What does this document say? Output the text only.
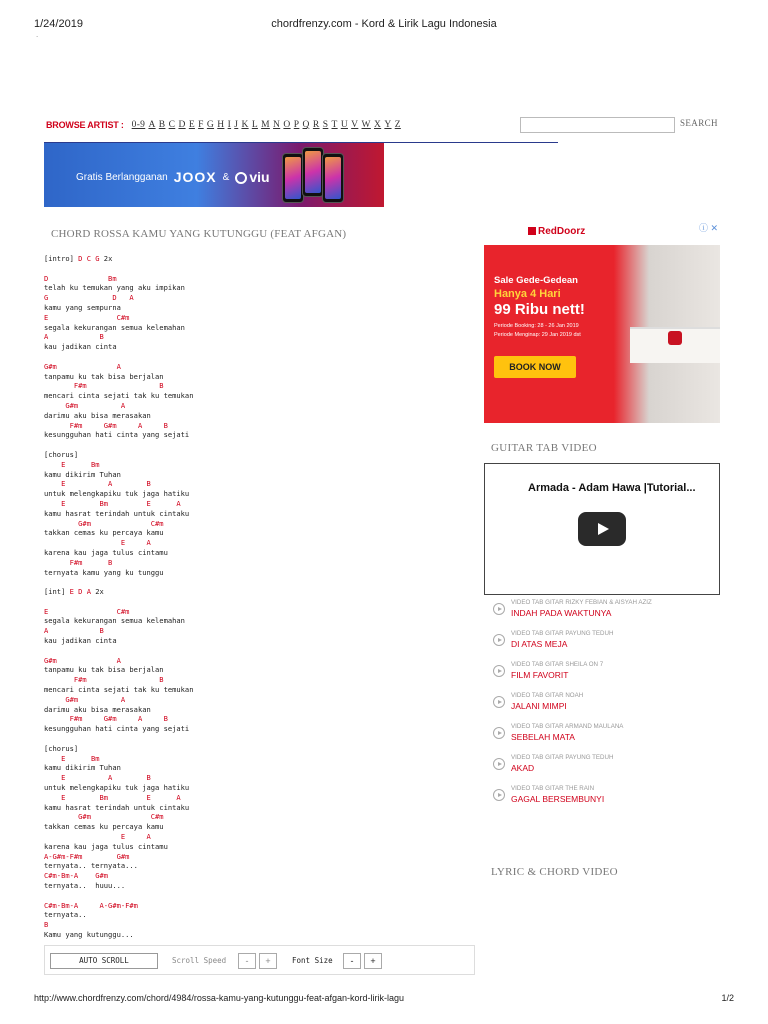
1/24/2019	chordfrenzy.com - Kord & Lirik Lagu Indonesia
.
BROWSE ARTIST : 0-9 A B C D E F G H I J K L M N O P Q R S T U V W X Y Z	SEARCH
Gratis Berlangganan JOOX &	viu
CHORD ROSSA KAMU YANG KUTUNGGU (FEAT AFGAN)
[intro] D C G 2x

D              Bm
telah ku temukan yang aku impikan
G               D   A
kamu yang sempurna
E                C#m
segala kekurangan semua kelemahan
A            B
kau jadikan cinta

G#m              A
tanpamu ku tak bisa berjalan
F#m                 B
mencari cinta sejati tak ku temukan
G#m          A
darimu aku bisa merasakan
F#m     G#m     A     B
kesungguhan hati cinta yang sejati

[chorus]
E      Bm
kamu dikirim Tuhan
E          A        B
untuk melengkapiku tuk jaga hatiku
E        Bm         E      A
kamu hasrat terindah untuk cintaku
G#m              C#m
takkan cemas ku percaya kamu
E     A
karena kau jaga tulus cintamu
F#m      B
ternyata kamu yang ku tunggu

[int] E D A 2x

E                C#m
segala kekurangan semua kelemahan
A            B
kau jadikan cinta

G#m              A
tanpamu ku tak bisa berjalan
F#m                 B
mencari cinta sejati tak ku temukan
G#m          A
darimu aku bisa merasakan
F#m     G#m     A     B
kesungguhan hati cinta yang sejati

[chorus]
E      Bm
kamu dikirim Tuhan
E          A        B
untuk melengkapiku tuk jaga hatiku
E        Bm         E      A
kamu hasrat terindah untuk cintaku
G#m              C#m
takkan cemas ku percaya kamu
E     A
karena kau jaga tulus cintamu
A-G#m-F#m        G#m
ternyata.. ternyata...
C#m-Bm-A    G#m
ternyata..  huuu...

C#m-Bm-A     A-G#m-F#m
ternyata..
B
Kamu yang kutunggu...

AUTO SCROLL	Scroll Speed	-	+	Font Size	-	+
RedDoorz	ⓘ ✕
Sale Gede-Gedean
Hanya 4 Hari
99 Ribu nett!
Periode Booking: 28 - 26 Jan 2019
Periode Menginap: 29 Jan 2019 dst
BOOK NOW
GUITAR TAB VIDEO
Armada - Adam Hawa |Tutorial...
VIDEO TAB GITAR RIZKY FEBIAN & AISYAH AZIZ
INDAH PADA WAKTUNYA
VIDEO TAB GITAR PAYUNG TEDUH
DI ATAS MEJA
VIDEO TAB GITAR SHEILA ON 7
FILM FAVORIT
VIDEO TAB GITAR NOAH
JALANI MIMPI
VIDEO TAB GITAR ARMAND MAULANA
SEBELAH MATA
VIDEO TAB GITAR PAYUNG TEDUH
AKAD
VIDEO TAB GITAR THE RAIN
GAGAL BERSEMBUNYI
LYRIC & CHORD VIDEO
http://www.chordfrenzy.com/chord/4984/rossa-kamu-yang-kutunggu-feat-afgan-kord-lirik-lagu	1/2
